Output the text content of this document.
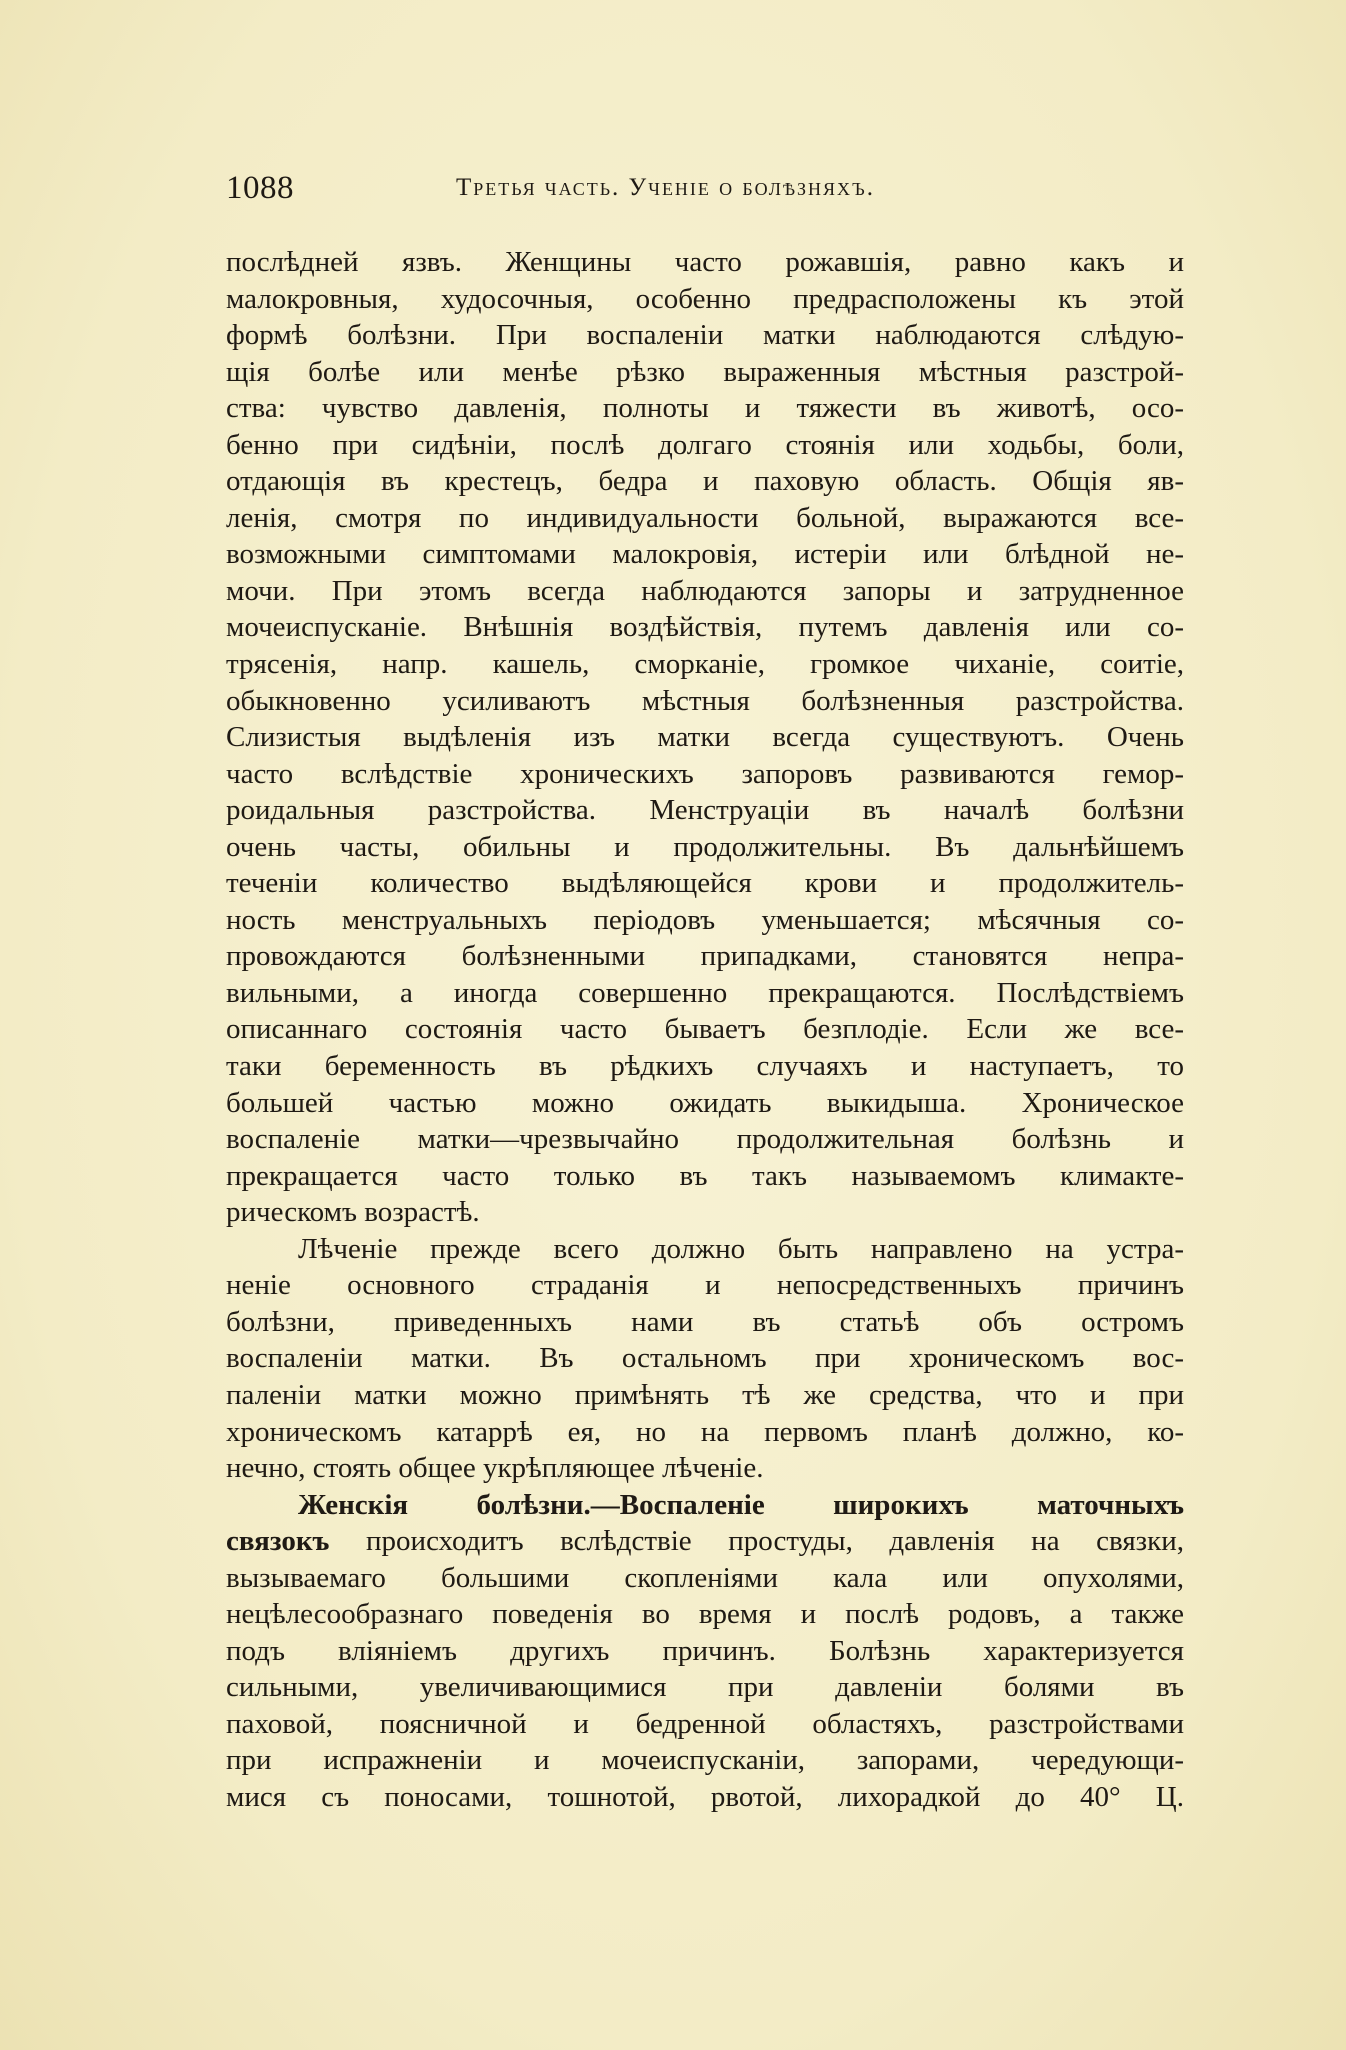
1088	Третья часть. Ученіе о болѣзняхъ.
послѣдней язвъ. Женщины часто рожавшія, равно какъ и
малокровныя, худосочныя, особенно предрасположены къ этой
формѣ болѣзни. При воспаленіи матки наблюдаются слѣдую-
щія болѣе или менѣе рѣзко выраженныя мѣстныя разстрой-
ства: чувство давленія, полноты и тяжести въ животѣ, осо-
бенно при сидѣніи, послѣ долгаго стоянія или ходьбы, боли,
отдающія въ крестецъ, бедра и паховую область. Общія яв-
ленія, смотря по индивидуальности больной, выражаются все-
возможными симптомами малокровія, истеріи или блѣдной не-
мочи. При этомъ всегда наблюдаются запоры и затрудненное
мочеиспусканіе. Внѣшнія воздѣйствія, путемъ давленія или со-
трясенія, напр. кашель, сморканіе, громкое чиханіе, соитіе,
обыкновенно усиливаютъ мѣстныя болѣзненныя разстройства.
Слизистыя выдѣленія изъ матки всегда существуютъ. Очень
часто вслѣдствіе хроническихъ запоровъ развиваются гемор-
роидальныя разстройства. Менструаціи въ началѣ болѣзни
очень часты, обильны и продолжительны. Въ дальнѣйшемъ
теченіи количество выдѣляющейся крови и продолжитель-
ность менструальныхъ періодовъ уменьшается; мѣсячныя со-
провождаются болѣзненными припадками, становятся непра-
вильными, а иногда совершенно прекращаются. Послѣдствіемъ
описаннаго состоянія часто бываетъ безплодіе. Если же все-
таки беременность въ рѣдкихъ случаяхъ и наступаетъ, то
большей частью можно ожидать выкидыша. Хроническое
воспаленіе матки—чрезвычайно продолжительная болѣзнь и
прекращается часто только въ такъ называемомъ климакте-
рическомъ возрастѣ.
Лѣченіе прежде всего должно быть направлено на устра-
неніе основного страданія и непосредственныхъ причинъ
болѣзни, приведенныхъ нами въ статьѣ объ остромъ
воспаленіи матки. Въ остальномъ при хроническомъ вос-
паленіи матки можно примѣнять тѣ же средства, что и при
хроническомъ катаррѣ ея, но на первомъ планѣ должно, ко-
нечно, стоять общее укрѣпляющее лѣченіе.
Женскія болѣзни.—Воспаленіе широкихъ маточныхъ
связокъ происходитъ вслѣдствіе простуды, давленія на связки,
вызываемаго большими скопленіями кала или опухолями,
нецѣлесообразнаго поведенія во время и послѣ родовъ, а также
подъ вліяніемъ другихъ причинъ. Болѣзнь характеризуется
сильными, увеличивающимися при давленіи болями въ
паховой, поясничной и бедренной областяхъ, разстройствами
при испражненіи и мочеиспусканіи, запорами, чередующи-
мися съ поносами, тошнотой, рвотой, лихорадкой до 40° Ц.
